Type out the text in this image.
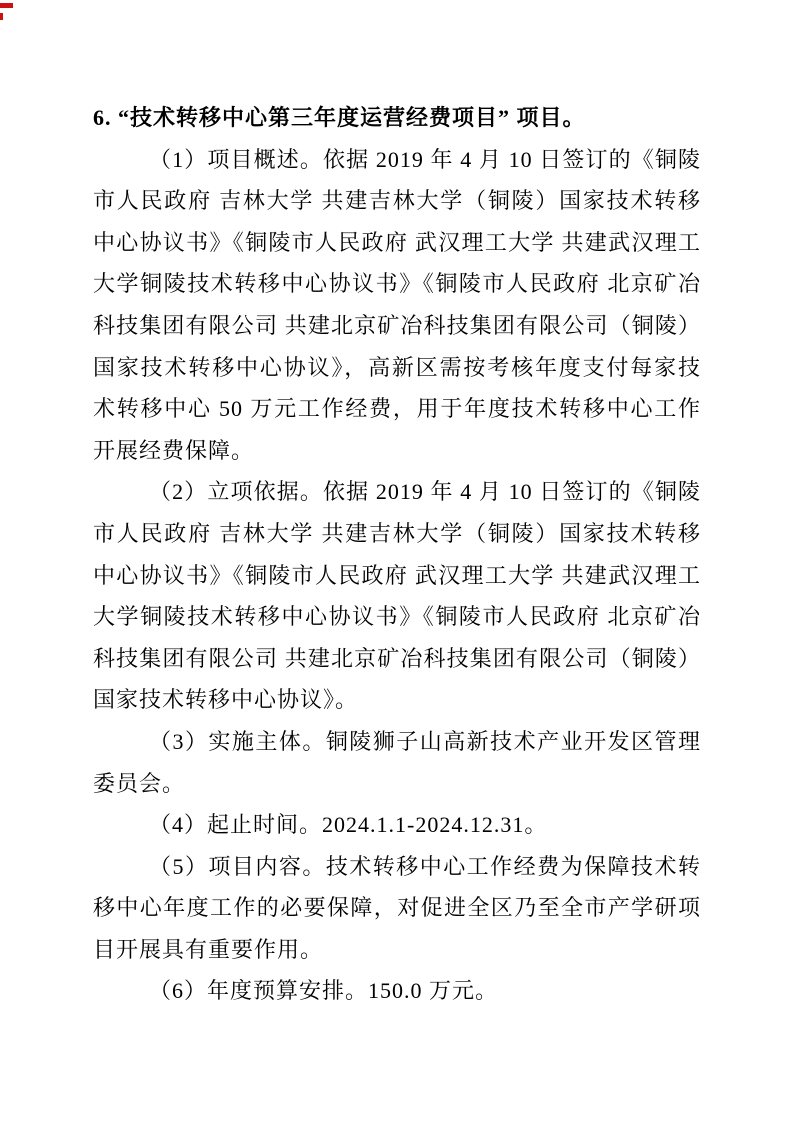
6. “技术转移中心第三年度运营经费项目” 项目。

（1）项目概述。依据 2019 年 4 月 10 日签订的《铜陵市人民政府 吉林大学 共建吉林大学（铜陵）国家技术转移中心协议书》《铜陵市人民政府 武汉理工大学 共建武汉理工大学铜陵技术转移中心协议书》《铜陵市人民政府 北京矿冶科技集团有限公司 共建北京矿冶科技集团有限公司（铜陵）国家技术转移中心协议》，高新区需按考核年度支付每家技术转移中心 50 万元工作经费，用于年度技术转移中心工作开展经费保障。

（2）立项依据。依据 2019 年 4 月 10 日签订的《铜陵市人民政府 吉林大学 共建吉林大学（铜陵）国家技术转移中心协议书》《铜陵市人民政府 武汉理工大学 共建武汉理工大学铜陵技术转移中心协议书》《铜陵市人民政府 北京矿冶科技集团有限公司 共建北京矿冶科技集团有限公司（铜陵）国家技术转移中心协议》。

（3）实施主体。铜陵狮子山高新技术产业开发区管理委员会。

（4）起止时间。2024.1.1-2024.12.31。

（5）项目内容。技术转移中心工作经费为保障技术转移中心年度工作的必要保障，对促进全区乃至全市产学研项目开展具有重要作用。

（6）年度预算安排。150.0 万元。
